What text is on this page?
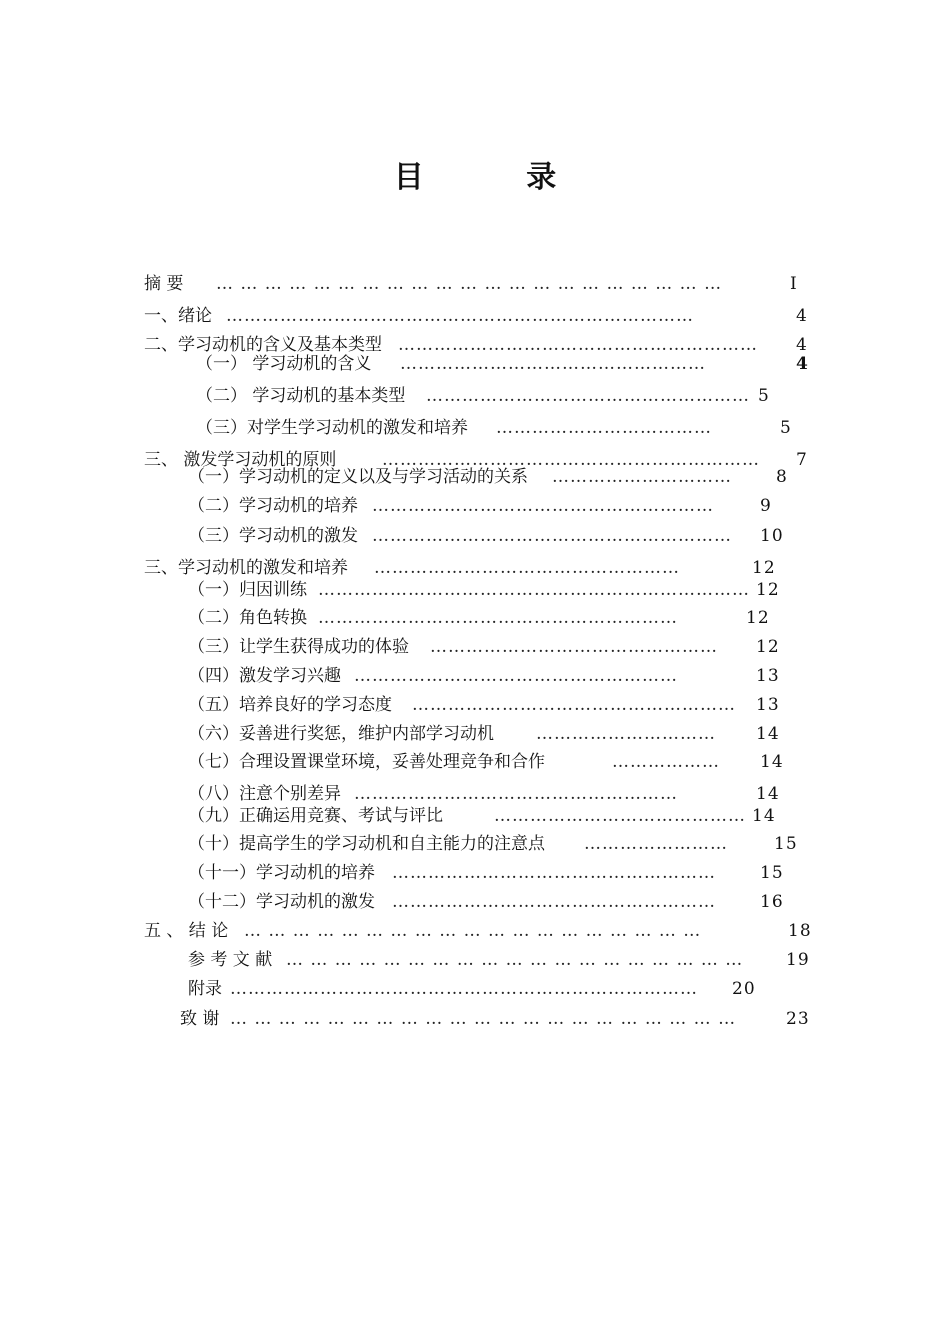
目 录
摘 要 … … … … … … … … … … … … … … … … … … … … …	Ⅰ
一、绪论 ……………………………………………………………………	4
二、学习动机的含义及基本类型 ……………………………………………………	4
（一） 学习动机的含义 ……………………………………………	4
（二） 学习动机的基本类型 ……………………………………………… 5
（三）对学生学习动机的激发和培养 ………………………………	5
三、 激发学习动机的原则	………………………………………………………	7
（一）学习动机的定义以及与学习活动的关系 …………………………	8
（二）学习动机的培养 …………………………………………………	9
（三）学习动机的激发 …………………………………………………… 10
三、学习动机的激发和培养 ……………………………………………	12
（一）归因训练 ……………………………………………………………… 12
（二）角色转换 ……………………………………………………	12
（三）让学生获得成功的体验 ………………………………………… 12
（四）激发学习兴趣 ………………………………………………	13
（五）培养良好的学习态度 ………………………………………………	13
（六）妥善进行奖惩，维护内部学习动机 ………………………… 14
（七）合理设置课堂环境，妥善处理竞争和合作	………………	14
（八）注意个别差异 ………………………………………………	14
（九）正确运用竞赛、考试与评比	…………………………………… 14
（十）提高学生的学习动机和自主能力的注意点 ……………………	15
（十一）学习动机的培养 ………………………………………………	15
（十二）学习动机的激发 ………………………………………………	16
五 、 结 论 … … … … … … … … … … … … … … … … … … …	18
参 考 文 献 … … … … … … … … … … … … … … … … … … …	19
附录 …………………………………………………………………… 20
致 谢 … … … … … … … … … … … … … … … … … … … … …	23
